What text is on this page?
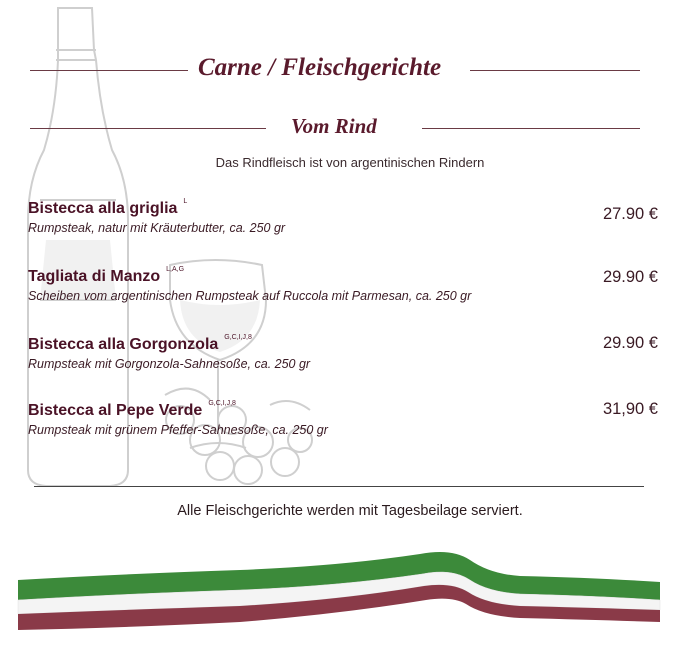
Carne / Fleischgerichte
Vom Rind
Das Rindfleisch ist von argentinischen Rindern
Bistecca alla griglia $^L$
Rumpsteak, natur mit Kräuterbutter, ca. 250 gr
27.90 €
Tagliata di Manzo $^{L,A,G}$
Scheiben vom argentinischen Rumpsteak auf Ruccola mit Parmesan, ca. 250 gr
29.90 €
Bistecca alla Gorgonzola $^{G,C,I,J,8}$
Rumpsteak mit Gorgonzola-Sahnesoße, ca. 250 gr
29.90 €
Bistecca al Pepe Verde $^{G,C,I,J,8}$
Rumpsteak mit grünem Pfeffer-Sahnesoße, ca. 250 gr
31,90 €
Alle Fleischgerichte werden mit Tagesbeilage serviert.
